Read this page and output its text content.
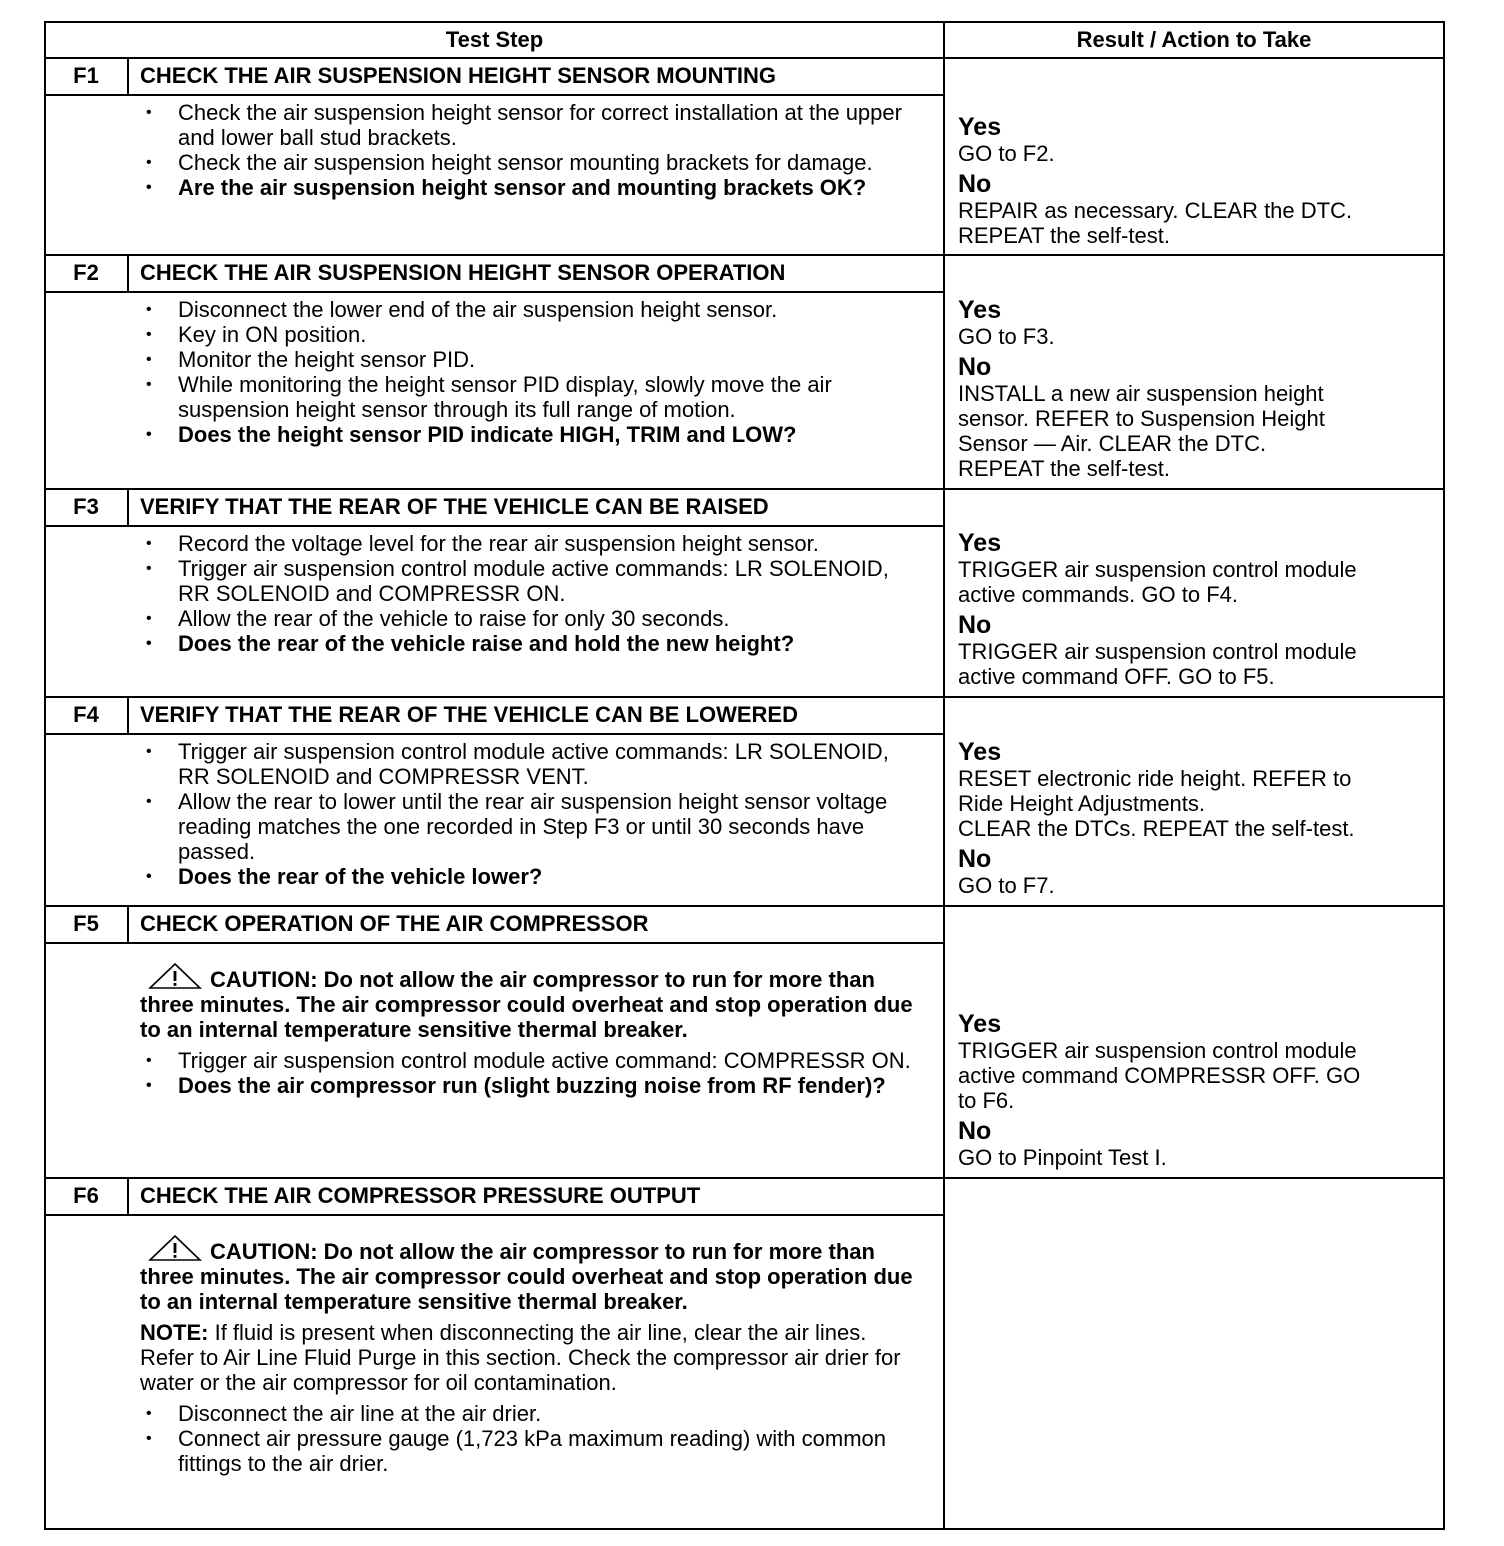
Test Step	Result / Action to Take
F1	CHECK THE AIR SUSPENSION HEIGHT SENSOR MOUNTING
• Check the air suspension height sensor for correct installation at the upper and lower ball stud brackets.
• Check the air suspension height sensor mounting brackets for damage.
• Are the air suspension height sensor and mounting brackets OK?
Yes
GO to F2.
No
REPAIR as necessary. CLEAR the DTC.
REPEAT the self-test.
F2	CHECK THE AIR SUSPENSION HEIGHT SENSOR OPERATION
• Disconnect the lower end of the air suspension height sensor.
• Key in ON position.
• Monitor the height sensor PID.
• While monitoring the height sensor PID display, slowly move the air suspension height sensor through its full range of motion.
• Does the height sensor PID indicate HIGH, TRIM and LOW?
Yes
GO to F3.
No
INSTALL a new air suspension height
sensor. REFER to Suspension Height
Sensor — Air. CLEAR the DTC.
REPEAT the self-test.
F3	VERIFY THAT THE REAR OF THE VEHICLE CAN BE RAISED
• Record the voltage level for the rear air suspension height sensor.
• Trigger air suspension control module active commands: LR SOLENOID, RR SOLENOID and COMPRESSR ON.
• Allow the rear of the vehicle to raise for only 30 seconds.
• Does the rear of the vehicle raise and hold the new height?
Yes
TRIGGER air suspension control module
active commands. GO to F4.
No
TRIGGER air suspension control module
active command OFF. GO to F5.
F4	VERIFY THAT THE REAR OF THE VEHICLE CAN BE LOWERED
• Trigger air suspension control module active commands: LR SOLENOID, RR SOLENOID and COMPRESSR VENT.
• Allow the rear to lower until the rear air suspension height sensor voltage reading matches the one recorded in Step F3 or until 30 seconds have passed.
• Does the rear of the vehicle lower?
Yes
RESET electronic ride height. REFER to
Ride Height Adjustments.
CLEAR the DTCs. REPEAT the self-test.
No
GO to F7.
F5	CHECK OPERATION OF THE AIR COMPRESSOR
CAUTION: Do not allow the air compressor to run for more than three minutes. The air compressor could overheat and stop operation due to an internal temperature sensitive thermal breaker.
• Trigger air suspension control module active command: COMPRESSR ON.
• Does the air compressor run (slight buzzing noise from RF fender)?
Yes
TRIGGER air suspension control module
active command COMPRESSR OFF. GO
to F6.
No
GO to Pinpoint Test I.
F6	CHECK THE AIR COMPRESSOR PRESSURE OUTPUT
CAUTION: Do not allow the air compressor to run for more than three minutes. The air compressor could overheat and stop operation due to an internal temperature sensitive thermal breaker.
NOTE: If fluid is present when disconnecting the air line, clear the air lines. Refer to Air Line Fluid Purge in this section. Check the compressor air drier for water or the air compressor for oil contamination.
• Disconnect the air line at the air drier.
• Connect air pressure gauge (1,723 kPa maximum reading) with common fittings to the air drier.
